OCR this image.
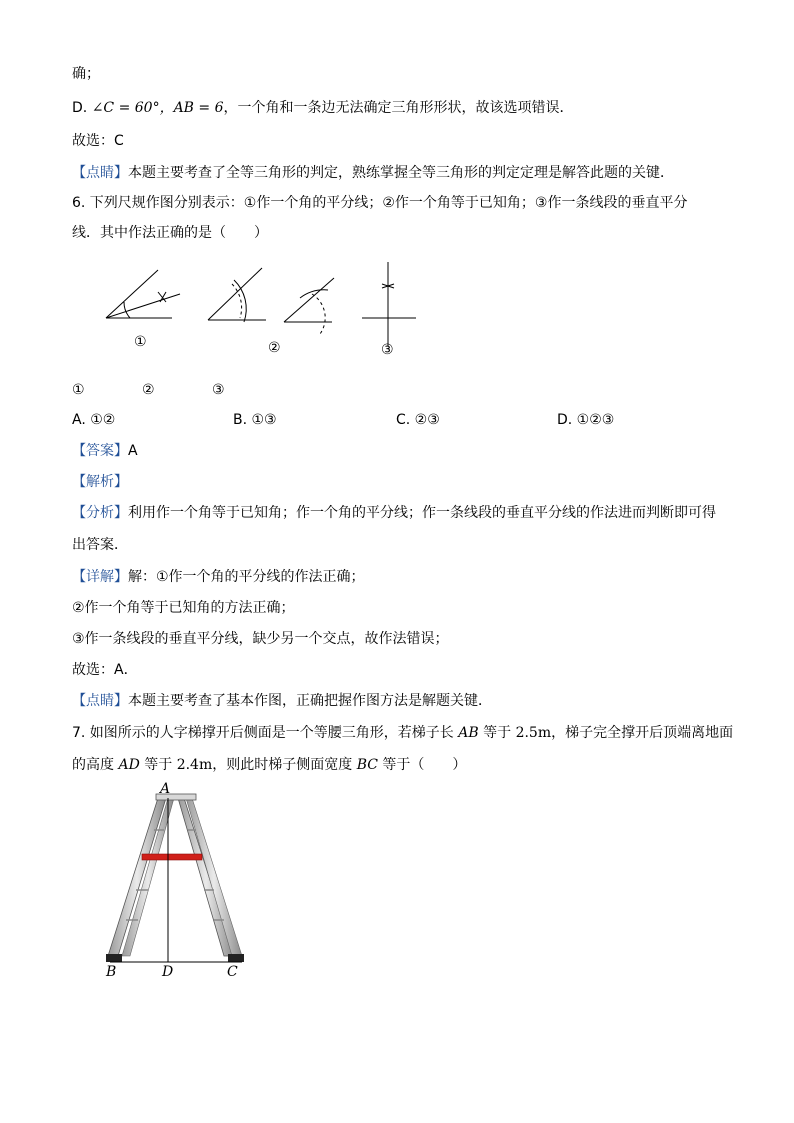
确；
D. ∠C = 60°，AB = 6，一个角和一条边无法确定三角形形状，故该选项错误．
故选：C
【点睛】本题主要考查了全等三角形的判定，熟练掌握全等三角形的判定定理是解答此题的关键．
6. 下列尺规作图分别表示：①作一个角的平分线；②作一个角等于已知角；③作一条线段的垂直平分
线．其中作法正确的是（　　）
①	②	③
①	②	③
A. ①②	B. ①③	C. ②③	D. ①②③
【答案】A
【解析】
【分析】利用作一个角等于已知角；作一个角的平分线；作一条线段的垂直平分线的作法进而判断即可得
出答案．
【详解】解：①作一个角的平分线的作法正确；
②作一个角等于已知角的方法正确；
③作一条线段的垂直平分线，缺少另一个交点，故作法错误；
故选：A．
【点睛】本题主要考查了基本作图，正确把握作图方法是解题关键．
7. 如图所示的人字梯撑开后侧面是一个等腰三角形，若梯子长 AB 等于 2.5m，梯子完全撑开后顶端离地面
的高度 AD 等于 2.4m，则此时梯子侧面宽度 BC 等于（　　）
A
B	D	C
